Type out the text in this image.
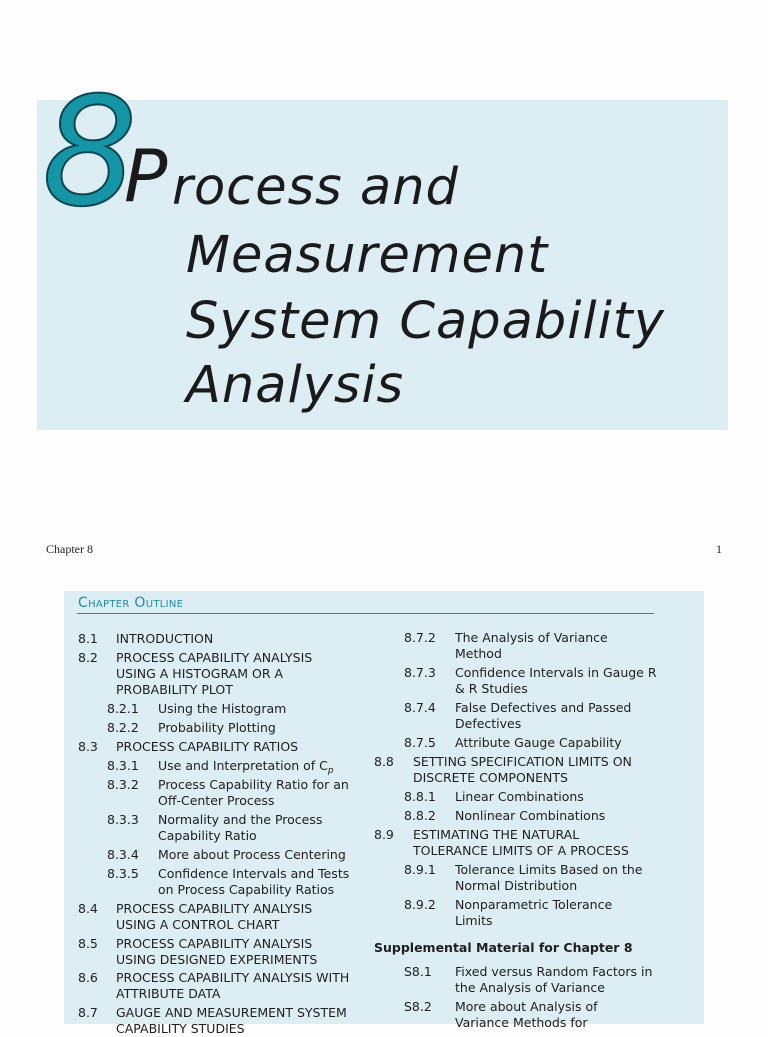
8
P rocess and
Measurement
System Capability
Analysis
Chapter 8	1
Chapter Outline
8.1 INTRODUCTION
8.2 PROCESS CAPABILITY ANALYSIS USING A HISTOGRAM OR A PROBABILITY PLOT
8.2.1 Using the Histogram
8.2.2 Probability Plotting
8.3 PROCESS CAPABILITY RATIOS
8.3.1 Use and Interpretation of $C_p$
8.3.2 Process Capability Ratio for an Off-Center Process
8.3.3 Normality and the Process Capability Ratio
8.3.4 More about Process Centering
8.3.5 Confidence Intervals and Tests on Process Capability Ratios
8.4 PROCESS CAPABILITY ANALYSIS USING A CONTROL CHART
8.5 PROCESS CAPABILITY ANALYSIS USING DESIGNED EXPERIMENTS
8.6 PROCESS CAPABILITY ANALYSIS WITH ATTRIBUTE DATA
8.7 GAUGE AND MEASUREMENT SYSTEM CAPABILITY STUDIES
8.7.2 The Analysis of Variance Method
8.7.3 Confidence Intervals in Gauge R & R Studies
8.7.4 False Defectives and Passed Defectives
8.7.5 Attribute Gauge Capability
8.8 SETTING SPECIFICATION LIMITS ON DISCRETE COMPONENTS
8.8.1 Linear Combinations
8.8.2 Nonlinear Combinations
8.9 ESTIMATING THE NATURAL TOLERANCE LIMITS OF A PROCESS
8.9.1 Tolerance Limits Based on the Normal Distribution
8.9.2 Nonparametric Tolerance Limits
Supplemental Material for Chapter 8
S8.1 Fixed versus Random Factors in the Analysis of Variance
S8.2 More about Analysis of Variance Methods for
